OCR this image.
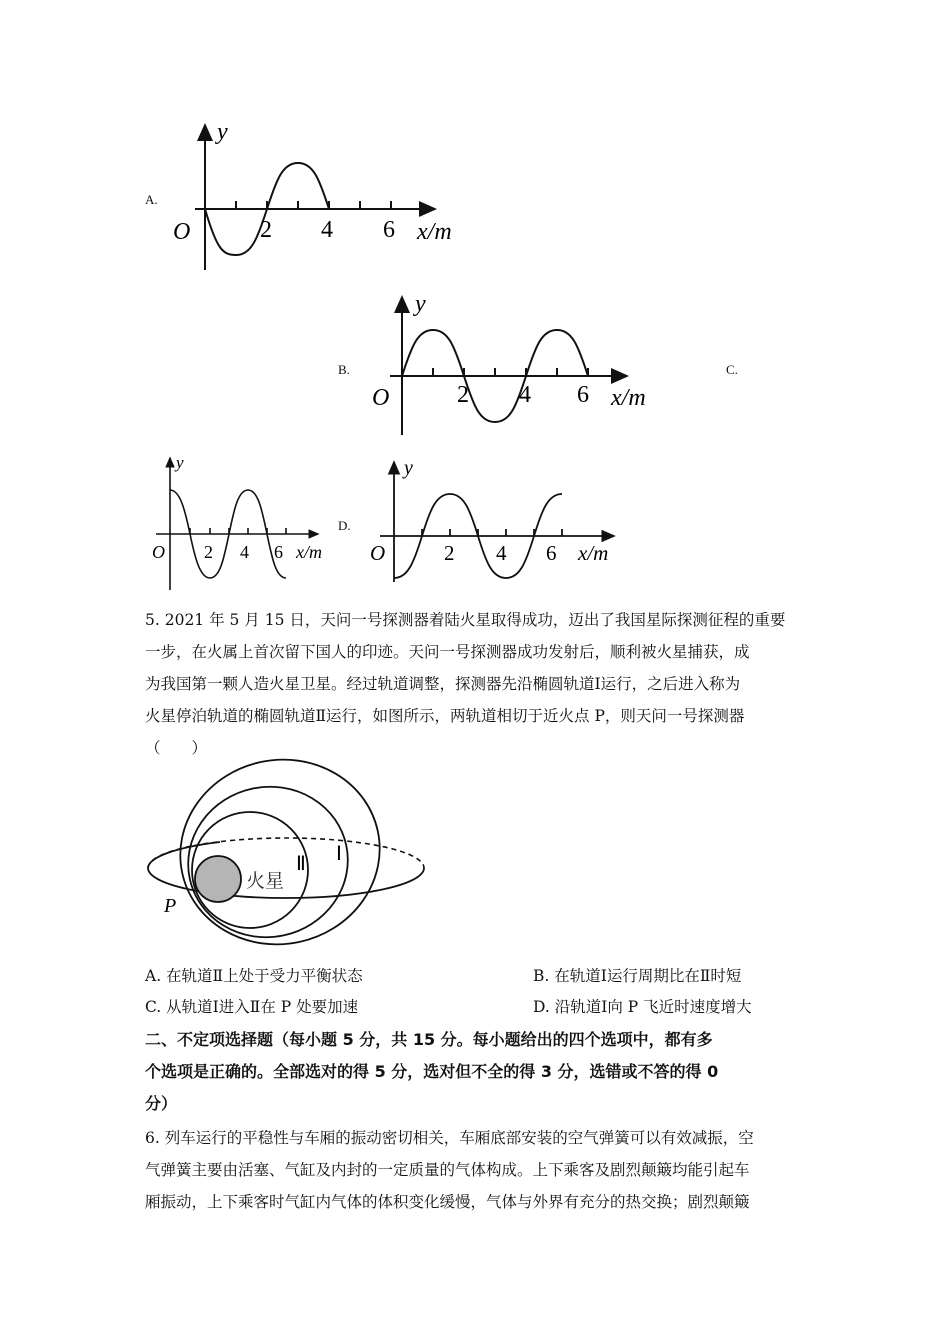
A.
y
O	2 4 6 x/m
B.
y
O	2 4 6 x/m
C.
y
O 2 4 6 x/m
D.
y
O	2 4 6 x/m
5. 2021 年 5 月 15 日，天问一号探测器着陆火星取得成功，迈出了我国星际探测征程的重要
一步，在火属上首次留下国人的印迹。天问一号探测器成功发射后，顺利被火星捕获，成
为我国第一颗人造火星卫星。经过轨道调整，探测器先沿椭圆轨道Ⅰ运行，之后进入称为
火星停泊轨道的椭圆轨道Ⅱ运行，如图所示，两轨道相切于近火点 P，则天问一号探测器
（　　）
火星
Ⅱ Ⅰ
P
A. 在轨道Ⅱ上处于受力平衡状态	B. 在轨道Ⅰ运行周期比在Ⅱ时短
C. 从轨道Ⅰ进入Ⅱ在 P 处要加速	D. 沿轨道Ⅰ向 P 飞近时速度增大
二、不定项选择题（每小题 5 分，共 15 分。每小题给出的四个选项中，都有多
个选项是正确的。全部选对的得 5 分，选对但不全的得 3 分，选错或不答的得 0
分）
6. 列车运行的平稳性与车厢的振动密切相关，车厢底部安装的空气弹簧可以有效减振，空
气弹簧主要由活塞、气缸及内封的一定质量的气体构成。上下乘客及剧烈颠簸均能引起车
厢振动，上下乘客时气缸内气体的体积变化缓慢，气体与外界有充分的热交换；剧烈颠簸
